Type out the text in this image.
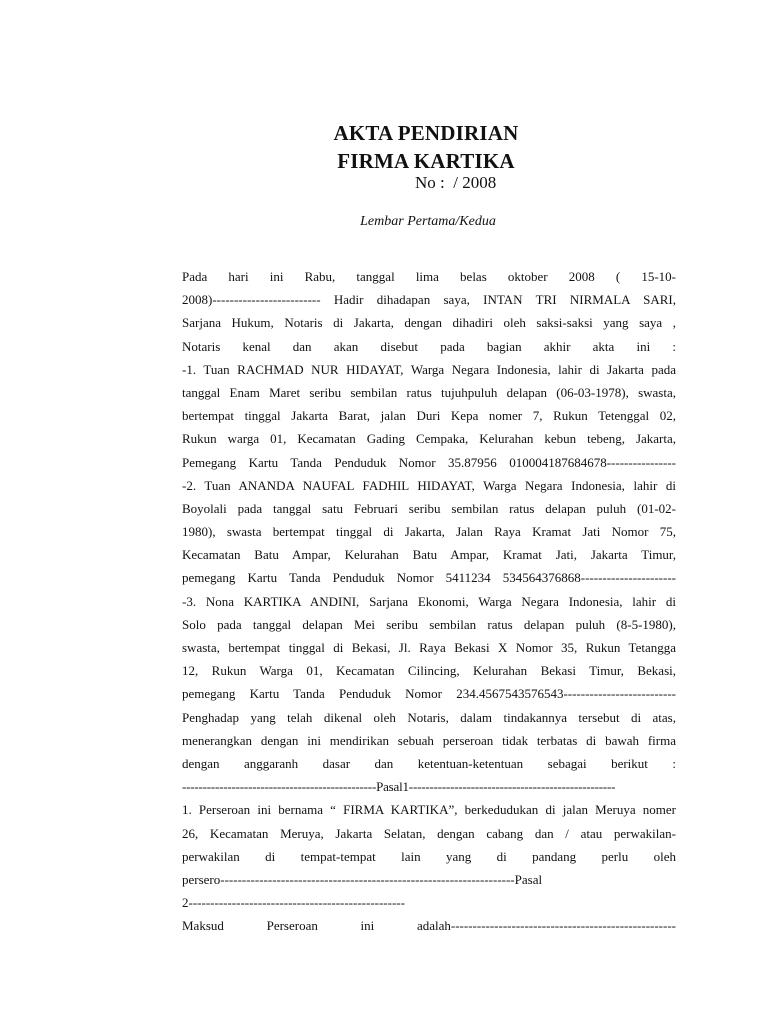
AKTA PENDIRIAN
FIRMA KARTIKA
No :  / 2008
Lembar Pertama/Kedua
Pada hari ini Rabu, tanggal lima belas oktober 2008 ( 15-10-
2008)------------------------- Hadir dihadapan saya, INTAN TRI NIRMALA SARI,
Sarjana Hukum, Notaris di Jakarta, dengan dihadiri oleh saksi-saksi yang saya ,
Notaris kenal dan akan disebut pada bagian akhir akta ini :
-1. Tuan RACHMAD NUR HIDAYAT, Warga Negara Indonesia, lahir di Jakarta pada
tanggal Enam Maret seribu sembilan ratus tujuhpuluh delapan (06-03-1978), swasta,
bertempat tinggal Jakarta Barat, jalan Duri Kepa nomer 7, Rukun Tetenggal 02,
Rukun warga 01, Kecamatan Gading Cempaka, Kelurahan kebun tebeng, Jakarta,
Pemegang Kartu Tanda Penduduk Nomor 35.87956 010004187684678----------------
-2. Tuan ANANDA NAUFAL FADHIL HIDAYAT, Warga Negara Indonesia, lahir di
Boyolali pada tanggal satu Februari seribu sembilan ratus delapan puluh (01-02-
1980), swasta bertempat tinggal di Jakarta, Jalan Raya Kramat Jati Nomor 75,
Kecamatan Batu Ampar, Kelurahan Batu Ampar, Kramat Jati, Jakarta Timur,
pemegang Kartu Tanda Penduduk Nomor 5411234 534564376868----------------------
-3. Nona KARTIKA ANDINI, Sarjana Ekonomi, Warga Negara Indonesia, lahir di
Solo pada tanggal delapan Mei seribu sembilan ratus delapan puluh (8-5-1980),
swasta, bertempat tinggal di Bekasi, Jl. Raya Bekasi X Nomor 35, Rukun Tetangga
12, Rukun Warga 01, Kecamatan Cilincing, Kelurahan Bekasi Timur, Bekasi,
pemegang Kartu Tanda Penduduk Nomor 234.4567543576543--------------------------
Penghadap yang telah dikenal oleh Notaris, dalam tindakannya tersebut di atas,
menerangkan dengan ini mendirikan sebuah perseroan tidak terbatas di bawah firma
dengan anggaranh dasar dan ketentuan-ketentuan sebagai berikut :
-----------------------------------------------Pasal1--------------------------------------------------
1. Perseroan ini bernama “ FIRMA KARTIKA”, berkedudukan di jalan Meruya nomer
26, Kecamatan Meruya, Jakarta Selatan, dengan cabang dan / atau perwakilan-
perwakilan di tempat-tempat lain yang di pandang perlu oleh
persero--------------------------------------------------------------------Pasal
2--------------------------------------------------
Maksud Perseroan ini adalah----------------------------------------------------
